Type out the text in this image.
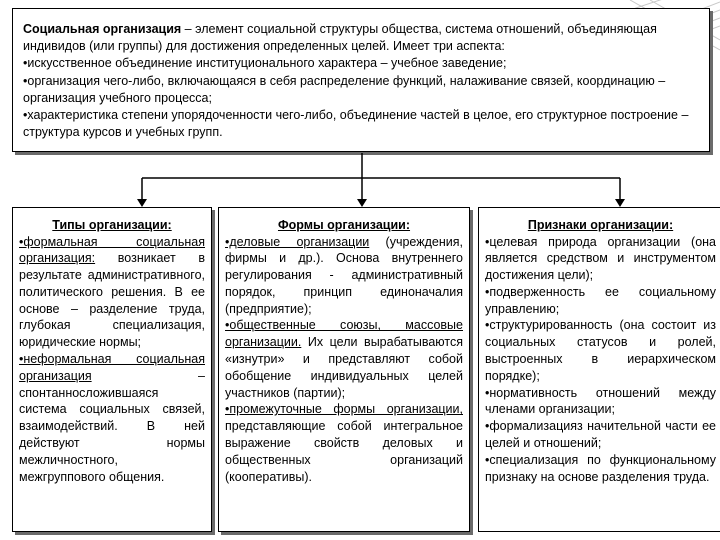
Социальная организация – элемент социальной структуры общества, система отношений, объединяющая индивидов (или группы) для достижения определенных целей. Имеет три аспекта:

•искусственное объединение институционального характера – учебное заведение;

•организация чего-либо, включающаяся в себя распределение функций, налаживание связей, координацию – организация учебного процесса;

•характеристика степени упорядоченности чего-либо, объединение частей в целое, его структурное построение – структура курсов и учебных групп.

Типы организации:

•формальная социальная организация: возникает в результате административного, политического решения. В ее основе – разделение труда, глубокая специализация, юридические нормы;
•неформальная социальная организация – спонтанносложившаяся система социальных связей, взаимодействий. В ней действуют нормы межличностного, межгруппового общения.

Формы организации:

•деловые организации (учреждения, фирмы и др.). Основа внутреннего регулирования - административный порядок, принцип единоначалия (предприятие);
•общественные союзы, массовые организации. Их цели вырабатываются «изнутри» и представляют собой обобщение индивидуальных целей участников (партии);
•промежуточные формы организации, представляющие собой интегральное выражение свойств деловых и общественных организаций (кооперативы).

Признаки организации:

•целевая природа организации (она является средством и инструментом достижения цели);
•подверженность ее социальному управлению;
•структурированность (она состоит из социальных статусов и ролей, выстроенных в иерархическом порядке);
•нормативность отношений между членами организации;
•формализацияз начительной части ее целей и отношений;
•специализация по функциональному признаку на основе разделения труда.
